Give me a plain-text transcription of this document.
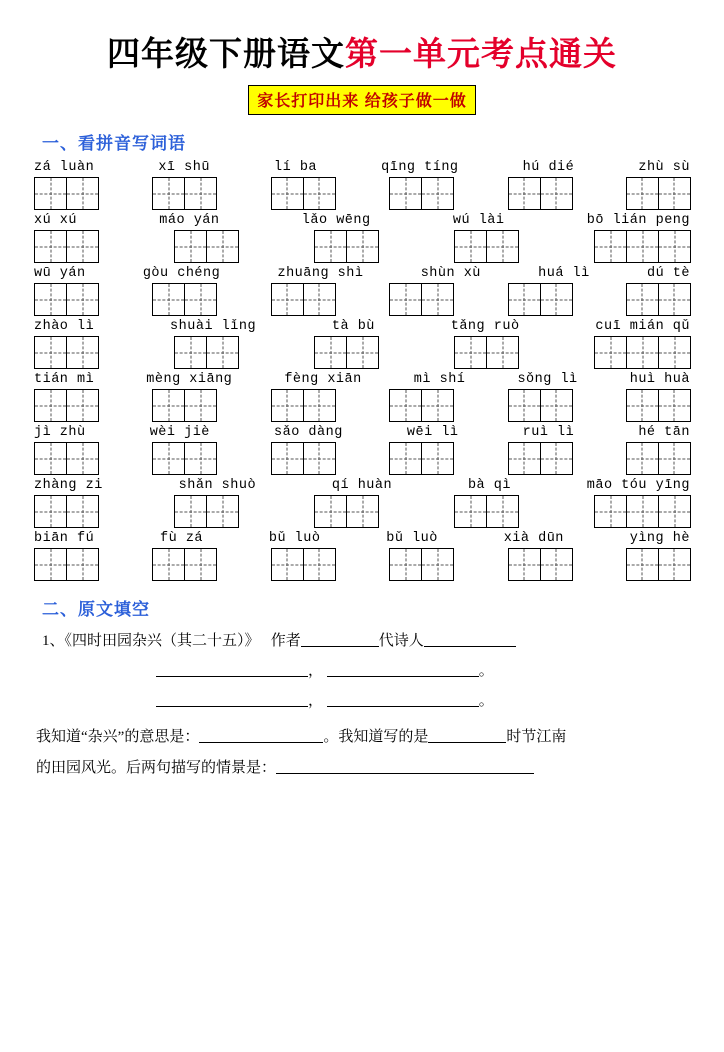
四年级下册语文第一单元考点通关
家长打印出来 给孩子做一做
一、看拼音写词语
zá luàn	xī shū	lí ba	qīng tíng	hú dié	zhù sù
xú xú	máo yán	lǎo wēng	wú lài	bō lián peng
wū yán	gòu chéng	zhuāng shì	shùn xù	huá lì	dú tè
zhào lì	shuài lǐng	tà bù	tǎng ruò	cuī mián qǔ
tián mì	mèng xiāng	fèng xiān	mì shí	sǒng lì	huì huà
jì zhù	wèi jiè	sǎo dàng	wēi lì	ruì lì	hé tān
zhàng zi	shǎn shuò	qí huàn	bà qì	māo tóu yīng
biān fú	fù zá	bǔ luò	bǔ luò	xià dūn	yìng hè
二、原文填空
1、《四时田园杂兴（其二十五）》 作者	代诗人
，	。
，	。
我知道“杂兴”的意思是：	。我知道写的是	时节江南
的田园风光。后两句描写的情景是：
